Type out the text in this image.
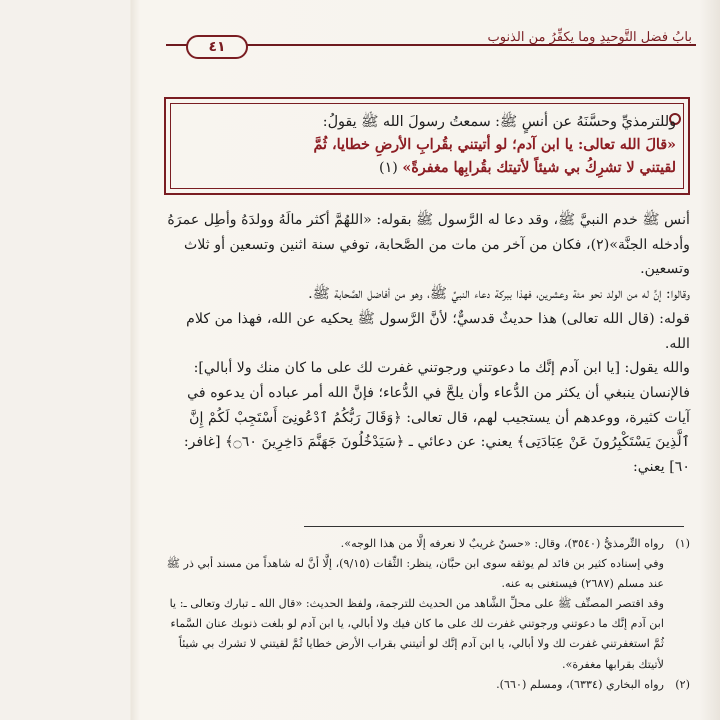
بابُ فضلِ التَّوحيدِ وما يكفِّرُ من الذنوبِ
٤١
وللترمذيِّ وحسَّنَهُ عن أنسٍ ﷺ: سمعتُ رسولَ الله ﷺ يقولُ:
«قالَ الله تعالى: يا ابن آدم؛ لو أتيتني بقُرابِ الأرضِ خطايا، ثُمَّ
لقيتني لا تشرِكُ بي شيئاً لأتيتك بقُرابِها مغفرةً» (١)

أنس ﷺ خدم النبيَّ ﷺ، وقد دعا له الرَّسول ﷺ بقوله: «اللهُمَّ أكثر مالَهُ وولدَهُ وأطِل عمرَهُ وأدخله الجنَّة»(٢)، فكان من آخر من مات من الصَّحابة، توفي سنة اثنين وتسعين أو ثلاث وتسعين.

وقالوا: إنَّ له من الولد نحو مئة وعشرين، فهذا ببركة دعاء النبيِّ ﷺ، وهو من أفاضل الصَّحابة ﷺ.

قوله: (قال الله تعالى) هذا حديثٌ قدسيٌّ؛ لأنَّ الرَّسول ﷺ يحكيه عن الله، فهذا من كلام الله.

والله يقول: [يا ابن آدم إنَّك ما دعوتني ورجوتني غفرت لك على ما كان منك ولا أبالي]: فالإنسان ينبغي أن يكثر من الدُّعاء وأن يلحَّ في الدُّعاء؛ فإنَّ الله أمر عباده أن يدعوه في آيات كثيرة، ووعدهم أن يستجيب لهم، قال تعالى: ﴿وَقَالَ رَبُّكُمُ ٱدْعُونِىٓ أَسْتَجِبْ لَكُمْ إِنَّ ٱلَّذِينَ يَسْتَكْبِرُونَ عَنْ عِبَادَتِى﴾ يعني: عن دعائي ـ ﴿سَيَدْخُلُونَ جَهَنَّمَ دَاخِرِينَ ۝٦٠﴾ [غافر: ٦٠] يعني:

(١)رواه التِّرمذيُّ (٣٥٤٠)، وقال: «حسنٌ غريبٌ لا نعرفه إلَّا من هذا الوجه».

وفي إسناده كثير بن فائد لم يوثقه سوى ابن حبَّان، ينظر: الثِّقات (٩/١٥)، إلَّا أنَّ له شاهداً من مسند أبي ذر ﷺ عند مسلم (٢٦٨٧) فيستغنى به عنه.

وقد اقتصر المصنِّف ﷺ على محلِّ الشَّاهد من الحديث للترجمة، ولفظ الحديث: «قال الله ـ تبارك وتعالى ـ: يا ابن آدم إنَّك ما دعوتني ورجوتني غفرت لك على ما كان فيك ولا أبالي، يا ابن آدم لو بلغت ذنوبك عنان السَّماء ثُمَّ استغفرتني غفرت لك ولا أبالي، يا ابن آدم إنَّك لو أتيتني بقراب الأرض خطايا ثُمَّ لقيتني لا تشرك بي شيئاً لأتيتك بقرابها مغفرة».

(٢)رواه البخاري (٦٣٣٤)، ومسلم (٦٦٠).
